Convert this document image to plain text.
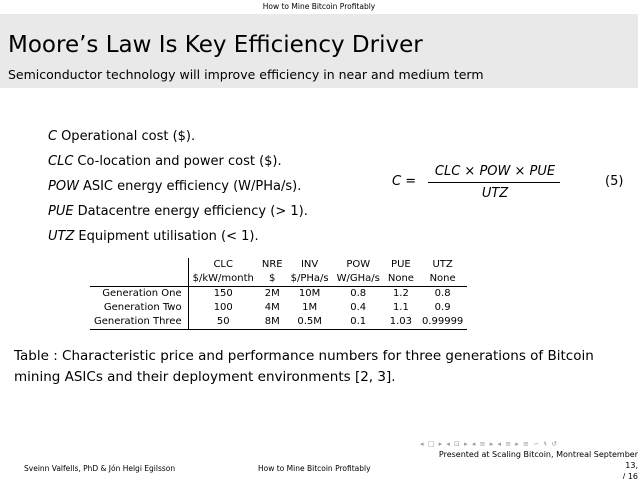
How to Mine Bitcoin Profitably
Moore’s Law Is Key Efficiency Driver
Semiconductor technology will improve efficiency in near and medium term
C Operational cost ($).
CLC Co-location and power cost ($).
POW ASIC energy efficiency (W/PHa/s).
PUE Datacentre energy efficiency (> 1).
UTZ Equipment utilisation (< 1).
C =
CLC × POW × PUE
UTZ
(5)
	CLC	NRE	INV	POW	PUE	UTZ
	$/kW/month	$	$/PHa/s	W/GHa/s	None	None
Generation One	150	2M	10M	0.8	1.2	0.8
Generation Two	100	4M	1M	0.4	1.1	0.9
Generation Three	50	8M	0.5M	0.1	1.03	0.99999
Table : Characteristic price and performance numbers for three generations of Bitcoin mining ASICs and their deployment environments [2, 3].
◂ □ ▸ ◂ ⊡ ▸ ◂ ≡ ▸ ◂ ≡ ▸ ≡ ∽ ९ ↺
Presented at Scaling Bitcoin, Montreal September 13,
/ 16
Sveinn Valfells, PhD & Jón Helgi Egilsson	How to Mine Bitcoin Profitably
